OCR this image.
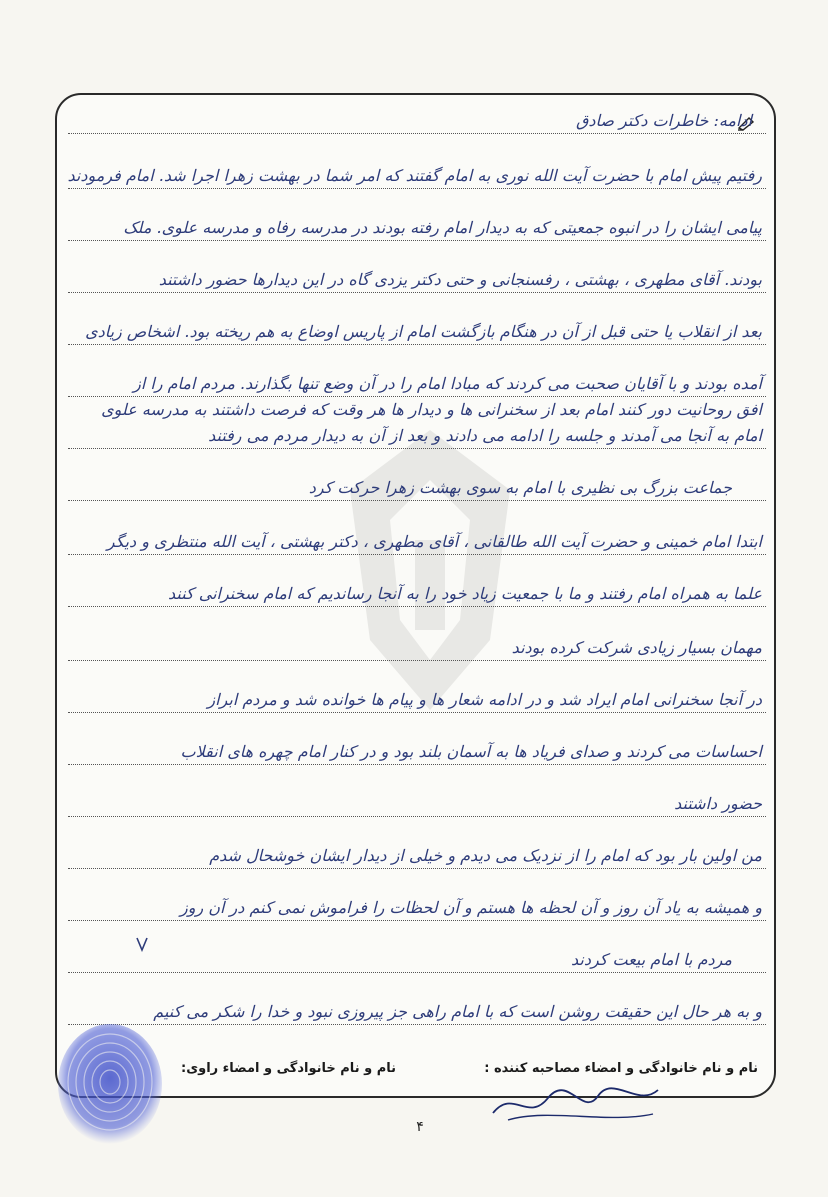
ادامه: خاطرات دکتر صادق
رفتیم پیش امام با حضرت آیت الله نوری به امام گفتند که امر شما در بهشت زهرا اجرا شد. امام فرمودند
پیامی ایشان را در انبوه جمعیتی که به دیدار امام رفته بودند در مدرسه رفاه و مدرسه علوی. ملک
بودند. آقای مطهری ، بهشتی ، رفسنجانی و حتی دکتر یزدی گاه در این دیدارها حضور داشتند
بعد از انقلاب یا حتی قبل از آن در هنگام بازگشت امام از پاریس اوضاع به هم ریخته بود. اشخاص زیادی
آمده بودند و با آقایان صحبت می کردند که مبادا امام را در آن وضع تنها بگذارند. مردم امام را از
افق روحانیت دور کنند امام بعد از سخنرانی ها و دیدار ها هر وقت که فرصت داشتند به مدرسه علوی
امام به آنجا می آمدند و جلسه را ادامه می دادند و بعد از آن به دیدار مردم می رفتند
جماعت بزرگ بی نظیری با امام به سوی بهشت زهرا حرکت کرد
ابتدا امام خمینی و حضرت آیت الله طالقانی ، آقای مطهری ، دکتر بهشتی ، آیت الله منتظری و دیگر
علما به همراه امام رفتند و ما با جمعیت زیاد خود را به آنجا رساندیم که امام سخنرانی کنند
مهمان بسیار زیادی شرکت کرده بودند
در آنجا سخنرانی امام ایراد شد و در ادامه شعار ها و پیام ها خوانده شد و مردم ابراز
احساسات می کردند و صدای فریاد ها به آسمان بلند بود و در کنار امام چهره های انقلاب
حضور داشتند
من اولین بار بود که امام را از نزدیک می دیدم و خیلی از دیدار ایشان خوشحال شدم
و همیشه به یاد آن روز و آن لحظه ها هستم و آن لحظات را فراموش نمی کنم در آن روز
مردم با امام بیعت کردند
و به هر حال این حقیقت روشن است که با امام راهی جز پیروزی نبود و خدا را شکر می کنیم
نام و نام خانوادگی و امضاء مصاحبه کننده :
نام و نام خانوادگی و امضاء راوی:
۴
